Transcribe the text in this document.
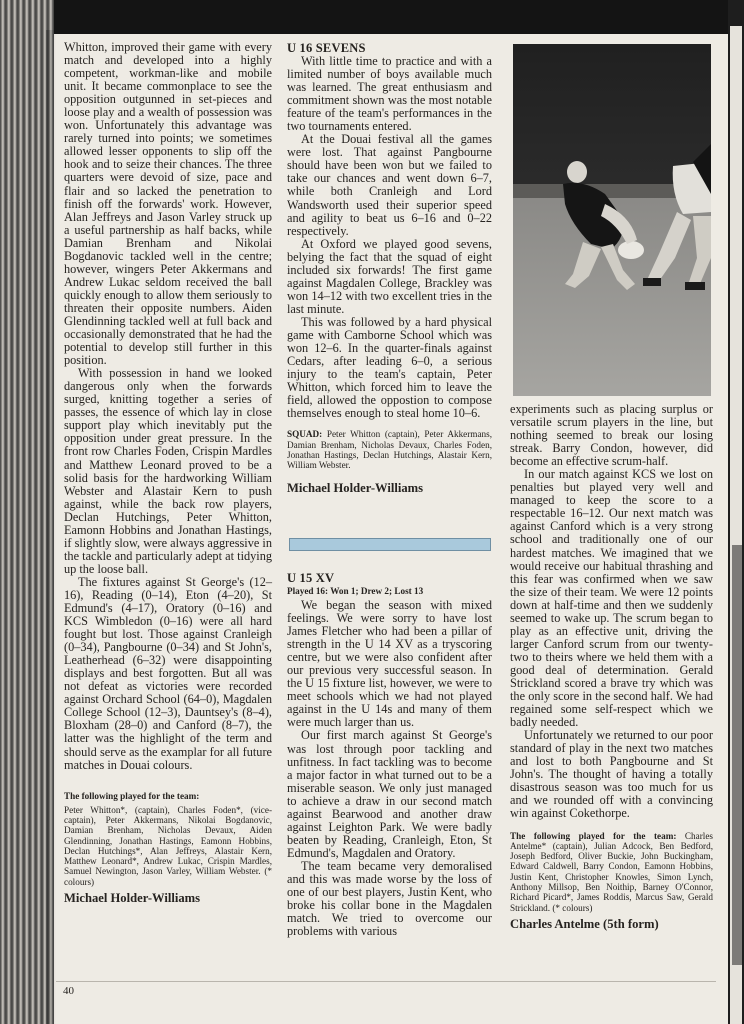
Whitton, improved their game with every match and developed into a highly competent, workman-like and mobile unit. It became commonplace to see the opposition outgunned in set-pieces and loose play and a wealth of possession was won. Unfortunately this advantage was rarely turned into points; we sometimes allowed lesser opponents to slip off the hook and to seize their chances. The three quarters were devoid of size, pace and flair and so lacked the penetration to finish off the forwards' work. However, Alan Jeffreys and Jason Varley struck up a useful partnership as half backs, while Damian Brenham and Nikolai Bogdanovic tackled well in the centre; however, wingers Peter Akkermans and Andrew Lukac seldom received the ball quickly enough to allow them seriously to threaten their opposite numbers. Aiden Glendinning tackled well at full back and occasionally demonstrated that he had the potential to develop still further in this position.

With possession in hand we looked dangerous only when the forwards surged, knitting together a series of passes, the essence of which lay in close support play which inevitably put the opposition under great pressure. In the front row Charles Foden, Crispin Mardles and Matthew Leonard proved to be a solid basis for the hardworking William Webster and Alastair Kern to push against, while the back row players, Declan Hutchings, Peter Whitton, Eamonn Hobbins and Jonathan Hastings, if slightly slow, were always aggressive in the tackle and particularly adept at tidying up the loose ball.

The fixtures against St George's (12–16), Reading (0–14), Eton (4–20), St Edmund's (4–17), Oratory (0–16) and KCS Wimbledon (0–16) were all hard fought but lost. Those against Cranleigh (0–34), Pangbourne (0–34) and St John's, Leatherhead (6–32) were disappointing displays and best forgotten. But all was not defeat as victories were recorded against Orchard School (64–0), Magdalen College School (12–3), Dauntsey's (8–4), Bloxham (28–0) and Canford (8–7), the latter was the highlight of the term and should serve as the examplar for all future matches in Douai colours.

The following played for the team:
Peter Whitton*, (captain), Charles Foden*, (vice-captain), Peter Akkermans, Nikolai Bogdanovic, Damian Brenham, Nicholas Devaux, Aiden Glendinning, Jonathan Hastings, Eamonn Hobbins, Declan Hutchings*, Alan Jeffreys, Alastair Kern, Matthew Leonard*, Andrew Lukac, Crispin Mardles, Samuel Newington, Jason Varley, William Webster. (* colours)
Michael Holder-Williams
U 16 SEVENS

With little time to practice and with a limited number of boys available much was learned. The great enthusiasm and commitment shown was the most notable feature of the team's performances in the two tournaments entered.

At the Douai festival all the games were lost. That against Pangbourne should have been won but we failed to take our chances and went down 6–7, while both Cranleigh and Lord Wandsworth used their superior speed and agility to beat us 6–16 and 0–22 respectively.

At Oxford we played good sevens, belying the fact that the squad of eight included six forwards! The first game against Magdalen College, Brackley was won 14–12 with two excellent tries in the last minute.

This was followed by a hard physical game with Camborne School which was won 12–6. In the quarter-finals against Cedars, after leading 6–0, a serious injury to the team's captain, Peter Whitton, which forced him to leave the field, allowed the oppostion to compose themselves enough to steal home 10–6.

SQUAD: Peter Whitton (captain), Peter Akkermans, Damian Brenham, Nicholas Devaux, Charles Foden, Jonathan Hastings, Declan Hutchings, Alastair Kern, William Webster.
Michael Holder-Williams
U 15 XV
Played 16: Won 1; Drew 2; Lost 13

We began the season with mixed feelings. We were sorry to have lost James Fletcher who had been a pillar of strength in the U 14 XV as a tryscoring centre, but we were also confident after our previous very successful season. In the U 15 fixture list, however, we were to meet schools which we had not played against in the U 14s and many of them were much larger than us.

Our first march against St George's was lost through poor tackling and unfitness. In fact tackling was to become a major factor in what turned out to be a miserable season. We only just managed to achieve a draw in our second match against Bearwood and another draw against Leighton Park. We were badly beaten by Reading, Cranleigh, Eton, St Edmund's, Magdalen and Oratory.

The team became very demoralised and this was made worse by the loss of one of our best players, Justin Kent, who broke his collar bone in the Magdalen match. We tried to overcome our problems with various

experiments such as placing surplus or versatile scrum players in the line, but nothing seemed to break our losing streak. Barry Condon, however, did become an effective scrum-half.

In our match against KCS we lost on penalties but played very well and managed to keep the score to a respectable 16–12. Our next match was against Canford which is a very strong school and traditionally one of our hardest matches. We imagined that we would receive our habitual thrashing and this fear was confirmed when we saw the size of their team. We were 12 points down at half-time and then we suddenly seemed to wake up. The scrum began to play as an effective unit, driving the larger Canford scrum from our twenty-two to theirs where we held them with a good deal of determination. Gerald Strickland scored a brave try which was the only score in the second half. We had regained some self-respect which we badly needed.

Unfortunately we returned to our poor standard of play in the next two matches and lost to both Pangbourne and St John's. The thought of having a totally disastrous season was too much for us and we rounded off with a convincing win against Cokethorpe.

The following played for the team: Charles Antelme* (captain), Julian Adcock, Ben Bedford, Joseph Bedford, Oliver Buckie, John Buckingham, Edward Caldwell, Barry Condon, Eamonn Hobbins, Justin Kent, Christopher Knowles, Simon Lynch, Anthony Millsop, Ben Noithip, Barney O'Connor, Richard Picard*, James Roddis, Marcus Saw, Gerald Strickland. (* colours)
Charles Antelme (5th form)
40
